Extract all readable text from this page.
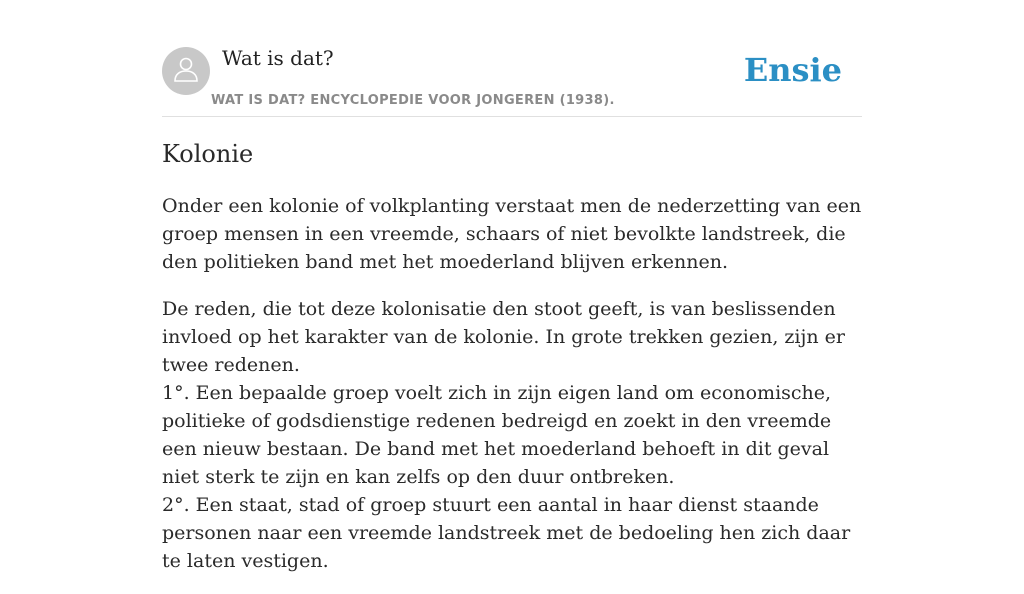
Wat is dat?
WAT IS DAT? ENCYCLOPEDIE VOOR JONGEREN (1938).
Ensie
Kolonie

Onder een kolonie of volkplanting verstaat men de nederzetting van een groep mensen in een vreemde, schaars of niet bevolkte landstreek, die den politieken band met het moederland blijven erkennen.

De reden, die tot deze kolonisatie den stoot geeft, is van beslissenden invloed op het karakter van de kolonie. In grote trekken gezien, zijn er twee redenen.
1°. Een bepaalde groep voelt zich in zijn eigen land om economische, politieke of godsdienstige redenen bedreigd en zoekt in den vreemde een nieuw bestaan. De band met het moederland behoeft in dit geval niet sterk te zijn en kan zelfs op den duur ontbreken.
2°. Een staat, stad of groep stuurt een aantal in haar dienst staande personen naar een vreemde landstreek met de bedoeling hen zich daar te laten vestigen.
